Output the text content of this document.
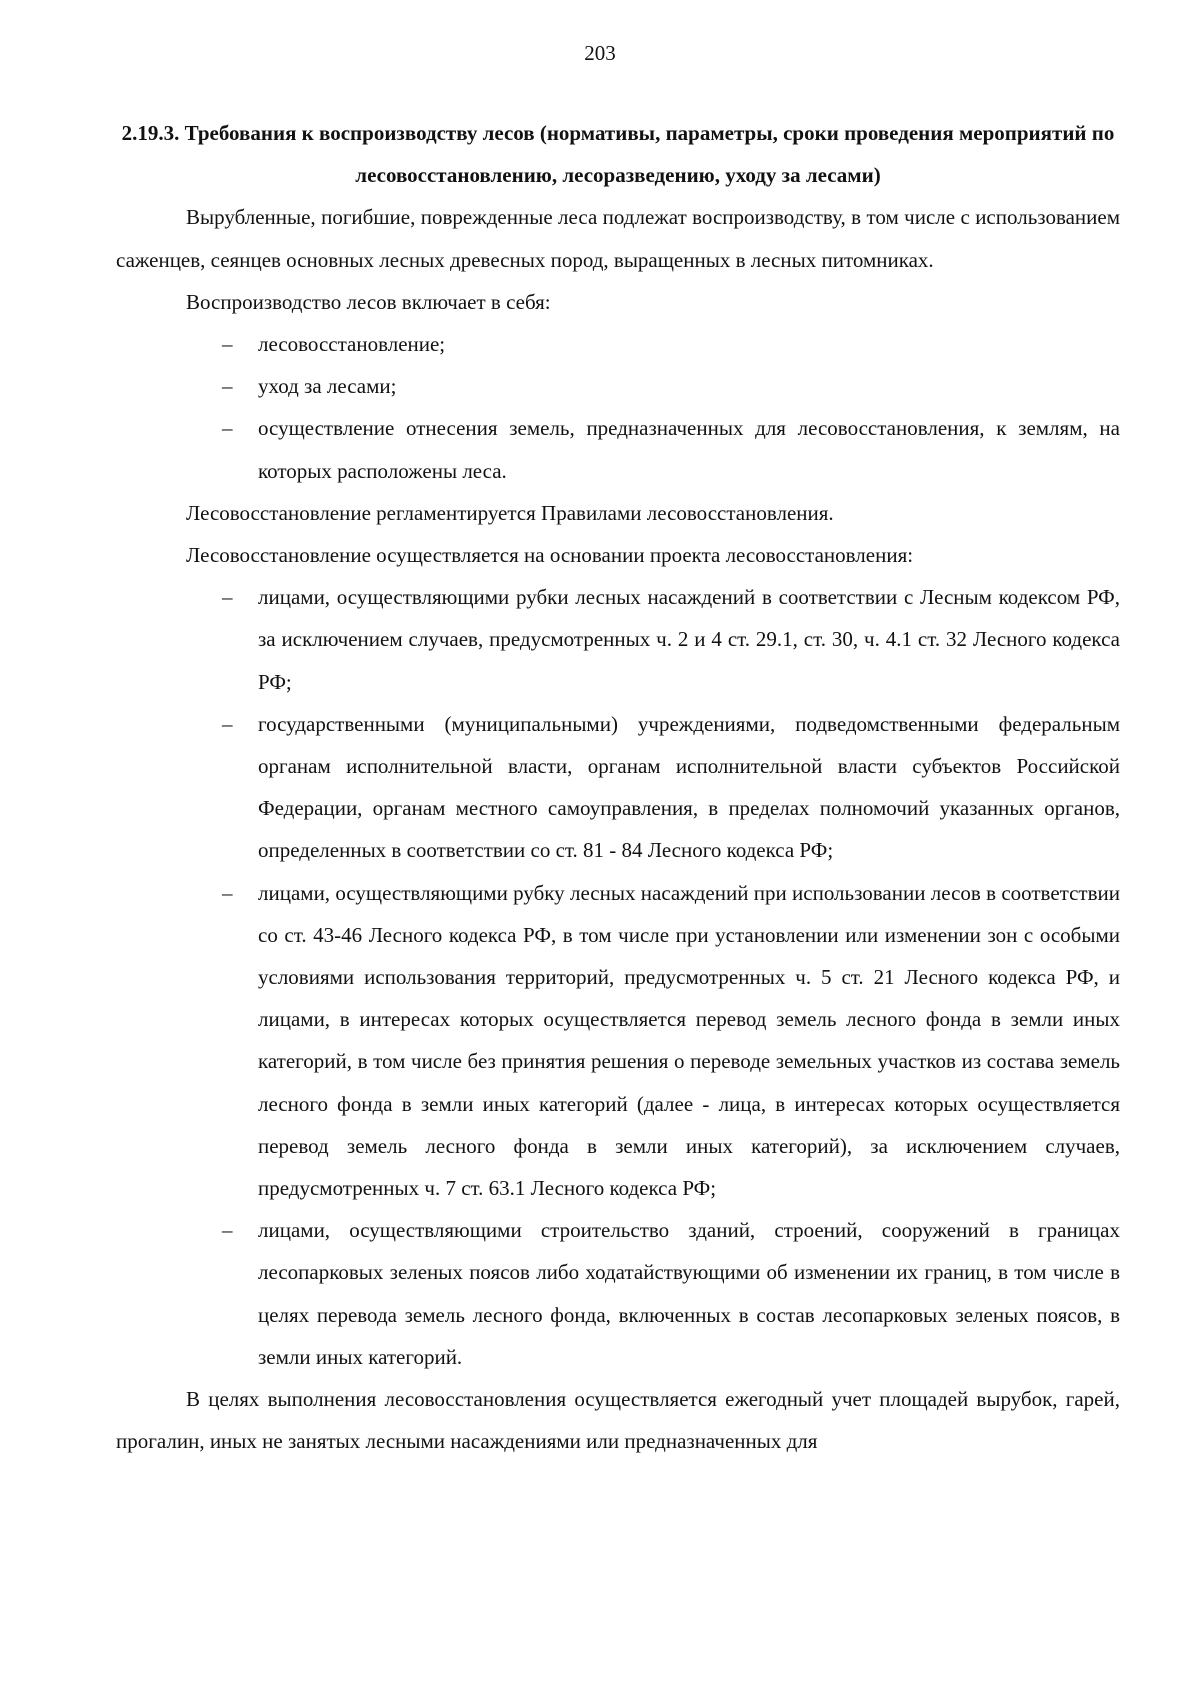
203

2.19.3. Требования к воспроизводству лесов (нормативы, параметры, сроки проведения мероприятий по лесовосстановлению, лесоразведению, уходу за лесами)

Вырубленные, погибшие, поврежденные леса подлежат воспроизводству, в том числе с использованием саженцев, сеянцев основных лесных древесных пород, выращенных в лесных питомниках.

Воспроизводство лесов включает в себя:

– лесовосстановление;
– уход за лесами;
– осуществление отнесения земель, предназначенных для лесовосстановления, к землям, на которых расположены леса.

Лесовосстановление регламентируется Правилами лесовосстановления.

Лесовосстановление осуществляется на основании проекта лесовосстановления:

– лицами, осуществляющими рубки лесных насаждений в соответствии с Лесным кодексом РФ, за исключением случаев, предусмотренных ч. 2 и 4 ст. 29.1, ст. 30, ч. 4.1 ст. 32 Лесного кодекса РФ;
– государственными (муниципальными) учреждениями, подведомственными федеральным органам исполнительной власти, органам исполнительной власти субъектов Российской Федерации, органам местного самоуправления, в пределах полномочий указанных органов, определенных в соответствии со ст. 81 - 84 Лесного кодекса РФ;
– лицами, осуществляющими рубку лесных насаждений при использовании лесов в соответствии со ст. 43-46 Лесного кодекса РФ, в том числе при установлении или изменении зон с особыми условиями использования территорий, предусмотренных ч. 5 ст. 21 Лесного кодекса РФ, и лицами, в интересах которых осуществляется перевод земель лесного фонда в земли иных категорий, в том числе без принятия решения о переводе земельных участков из состава земель лесного фонда в земли иных категорий (далее - лица, в интересах которых осуществляется перевод земель лесного фонда в земли иных категорий), за исключением случаев, предусмотренных ч. 7 ст. 63.1 Лесного кодекса РФ;
– лицами, осуществляющими строительство зданий, строений, сооружений в границах лесопарковых зеленых поясов либо ходатайствующими об изменении их границ, в том числе в целях перевода земель лесного фонда, включенных в состав лесопарковых зеленых поясов, в земли иных категорий.

В целях выполнения лесовосстановления осуществляется ежегодный учет площадей вырубок, гарей, прогалин, иных не занятых лесными насаждениями или предназначенных для
